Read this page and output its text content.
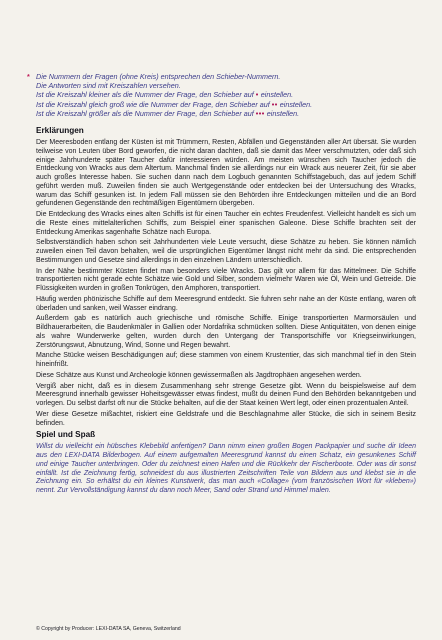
* Die Nummern der Fragen (ohne Kreis) entsprechen den Schieber-Nummern.
Die Antworten sind mit Kreiszahlen versehen.
Ist die Kreiszahl kleiner als die Nummer der Frage, den Schieber auf • einstellen.
Ist die Kreiszahl gleich groß wie die Nummer der Frage, den Schieber auf •• einstellen.
Ist die Kreiszahl größer als die Nummer der Frage, den Schieber auf ••• einstellen.
Erklärungen

Der Meeresboden entlang der Küsten ist mit Trümmern, Resten, Abfällen und Gegenständen aller Art übersät. Sie wurden teilweise von Leuten über Bord geworfen, die nicht daran dachten, daß sie damit das Meer verschmutzten, oder daß sich einige Jahrhunderte später Taucher dafür interessieren würden. Am meisten wünschen sich Taucher jedoch die Entdeckung von Wracks aus dem Altertum. Manchmal finden sie allerdings nur ein Wrack aus neuerer Zeit, für sie aber auch großes Interesse haben. Sie suchen dann nach dem Logbuch genannten Schiffstagebuch, das auf jedem Schiff geführt werden muß. Zuweilen finden sie auch Wertgegenstände oder entdecken bei der Untersuchung des Wracks, warum das Schiff gesunken ist. In jedem Fall müssen sie den Behörden ihre Entdeckungen mitteilen und die an Bord gefundenen Gegenstände den rechtmäßigen Eigentümern übergeben.

Die Entdeckung des Wracks eines alten Schiffs ist für einen Taucher ein echtes Freudenfest. Vielleicht handelt es sich um die Reste eines mittelalterlichen Schiffs, zum Beispiel einer spanischen Galeone. Diese Schiffe brachten seit der Entdeckung Amerikas sagenhafte Schätze nach Europa.

Selbstverständlich haben schon seit Jahrhunderten viele Leute versucht, diese Schätze zu heben. Sie können nämlich zuweilen einen Teil davon behalten, weil die ursprünglichen Eigentümer längst nicht mehr da sind. Die entsprechenden Bestimmungen und Gesetze sind allerdings in den einzelnen Ländern unterschiedlich.

In der Nähe bestimmter Küsten findet man besonders viele Wracks. Das gilt vor allem für das Mittelmeer. Die Schiffe transportierten nicht gerade echte Schätze wie Gold und Silber, sondern vielmehr Waren wie Öl, Wein und Getreide. Die Flüssigkeiten wurden in großen Tonkrügen, den Amphoren, transportiert.

Häufig werden phönizische Schiffe auf dem Meeresgrund entdeckt. Sie fuhren sehr nahe an der Küste entlang, waren oft überladen und sanken, weil Wasser eindrang.

Außerdem gab es natürlich auch griechische und römische Schiffe. Einige transportierten Marmorsäulen und Bildhauerarbeiten, die Baudenkmäler in Gallien oder Nordafrika schmücken sollten. Diese Antiquitäten, von denen einige als wahre Wunderwerke gelten, wurden durch den Untergang der Transportschiffe vor Kriegseinwirkungen, Zerstörungswut, Abnutzung, Wind, Sonne und Regen bewahrt.

Manche Stücke weisen Beschädigungen auf; diese stammen von einem Krustentier, das sich manchmal tief in den Stein hineinfrißt.

Diese Schätze aus Kunst und Archeologie können gewissermaßen als Jagdtrophäen angesehen werden.

Vergiß aber nicht, daß es in diesem Zusammenhang sehr strenge Gesetze gibt. Wenn du beispielsweise auf dem Meeresgrund innerhalb gewisser Hoheitsgewässer etwas findest, mußt du deinen Fund den Behörden bekanntgeben und vorlegen. Du selbst darfst oft nur die Stücke behalten, auf die der Staat keinen Wert legt, oder einen prozentualen Anteil.

Wer diese Gesetze mißachtet, riskiert eine Geldstrafe und die Beschlagnahme aller Stücke, die sich in seinem Besitz befinden.

Spiel und Spaß

Willst du vielleicht ein hübsches Klebebild anfertigen? Dann nimm einen großen Bogen Packpapier und suche dir Ideen aus den LEXI-DATA Bilderbogen. Auf einem aufgemalten Meeresgrund kannst du einen Schatz, ein gesunkenes Schiff und einige Taucher unterbringen. Oder du zeichnest einen Hafen und die Rückkehr der Fischerboote. Oder was dir sonst einfällt. Ist die Zeichnung fertig, schneidest du aus illustrierten Zeitschriften Teile von Bildern aus und klebst sie in die Zeichnung ein. So erhältst du ein kleines Kunstwerk, das man auch «Collage» (vom französischen Wort für «kleben») nennt. Zur Vervollständigung kannst du dann noch Meer, Sand oder Strand und Himmel malen.

© Copyright by Producer: LEXI-DATA SA, Geneva, Switzerland
